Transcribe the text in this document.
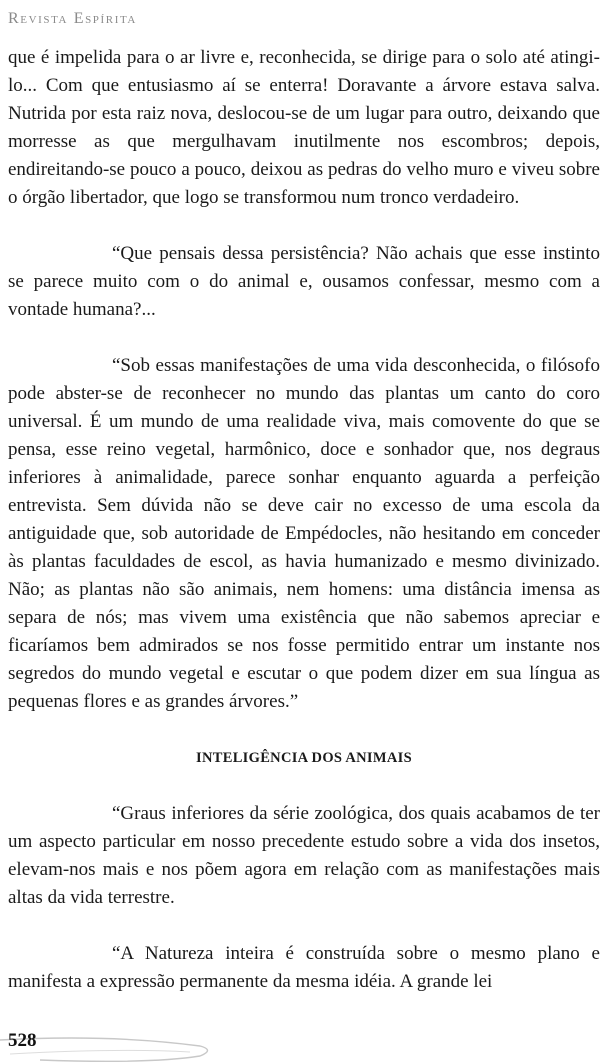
Revista Espírita

que é impelida para o ar livre e, reconhecida, se dirige para o solo até atingi-lo... Com que entusiasmo aí se enterra! Doravante a árvore estava salva. Nutrida por esta raiz nova, deslocou-se de um lugar para outro, deixando que morresse as que mergulhavam inutilmente nos escombros; depois, endireitando-se pouco a pouco, deixou as pedras do velho muro e viveu sobre o órgão libertador, que logo se transformou num tronco verdadeiro.

“Que pensais dessa persistência? Não achais que esse instinto se parece muito com o do animal e, ousamos confessar, mesmo com a vontade humana?...

“Sob essas manifestações de uma vida desconhecida, o filósofo pode abster-se de reconhecer no mundo das plantas um canto do coro universal. É um mundo de uma realidade viva, mais comovente do que se pensa, esse reino vegetal, harmônico, doce e sonhador que, nos degraus inferiores à animalidade, parece sonhar enquanto aguarda a perfeição entrevista. Sem dúvida não se deve cair no excesso de uma escola da antiguidade que, sob autoridade de Empédocles, não hesitando em conceder às plantas faculdades de escol, as havia humanizado e mesmo divinizado. Não; as plantas não são animais, nem homens: uma distância imensa as separa de nós; mas vivem uma existência que não sabemos apreciar e ficaríamos bem admirados se nos fosse permitido entrar um instante nos segredos do mundo vegetal e escutar o que podem dizer em sua língua as pequenas flores e as grandes árvores.”

INTELIGÊNCIA DOS ANIMAIS

“Graus inferiores da série zoológica, dos quais acabamos de ter um aspecto particular em nosso precedente estudo sobre a vida dos insetos, elevam-nos mais e nos põem agora em relação com as manifestações mais altas da vida terrestre.

“A Natureza inteira é construída sobre o mesmo plano e manifesta a expressão permanente da mesma idéia. A grande lei

528
